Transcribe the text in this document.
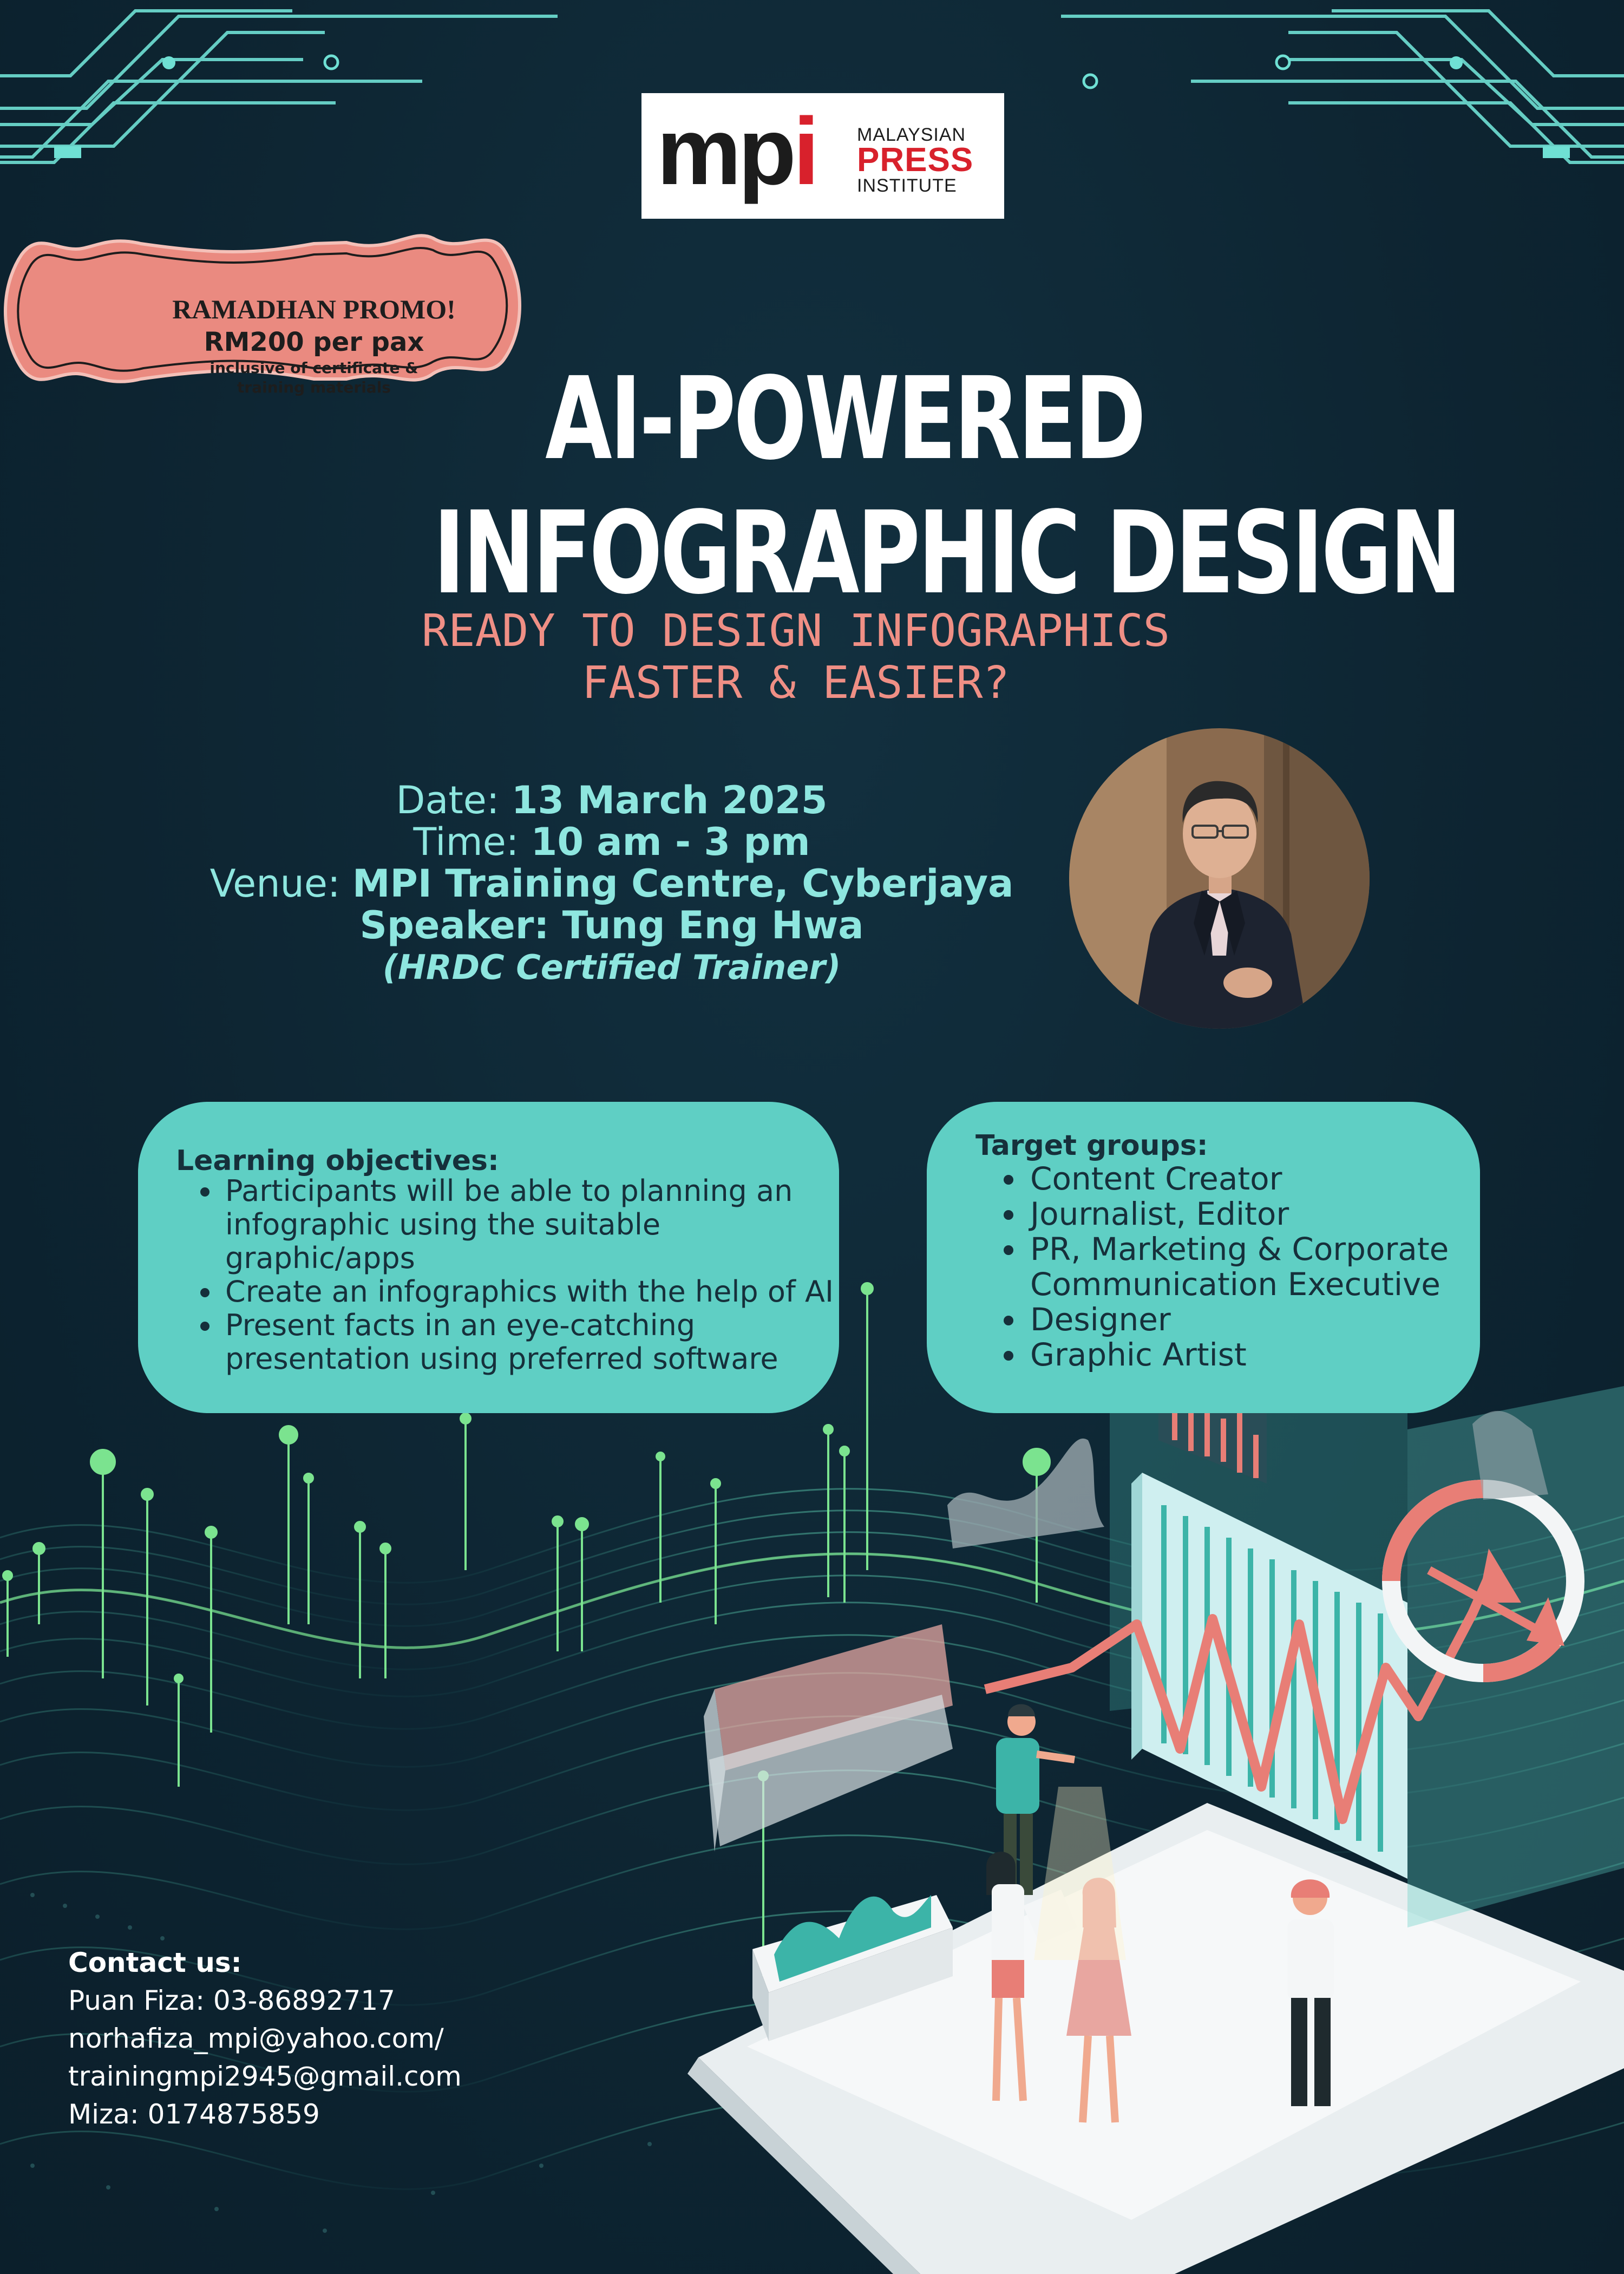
mpi MALAYSIAN
PRESS
INSTITUTE
RAMADHAN PROMO!
RM200 per pax
inclusive of certificate &
training materials	AI-POWERED
INFOGRAPHIC DESIGN
READY TO DESIGN INFOGRAPHICS
FASTER & EASIER?
Date: 13 March 2025
Time: 10 am - 3 pm
Venue: MPI Training Centre, Cyberjaya
Speaker: Tung Eng Hwa
(HRDC Certified Trainer)
Learning objectives:
• Participants will be able to planning an infographic using the suitable graphic/apps
• Create an infographics with the help of AI
• Present facts in an eye-catching presentation using preferred software
Target groups:
• Content Creator
• Journalist, Editor
• PR, Marketing & Corporate Communication Executive
• Designer
• Graphic Artist
Contact us:
Puan Fiza: 03-86892717
norhafiza_mpi@yahoo.com/
trainingmpi2945@gmail.com
Miza: 0174875859
